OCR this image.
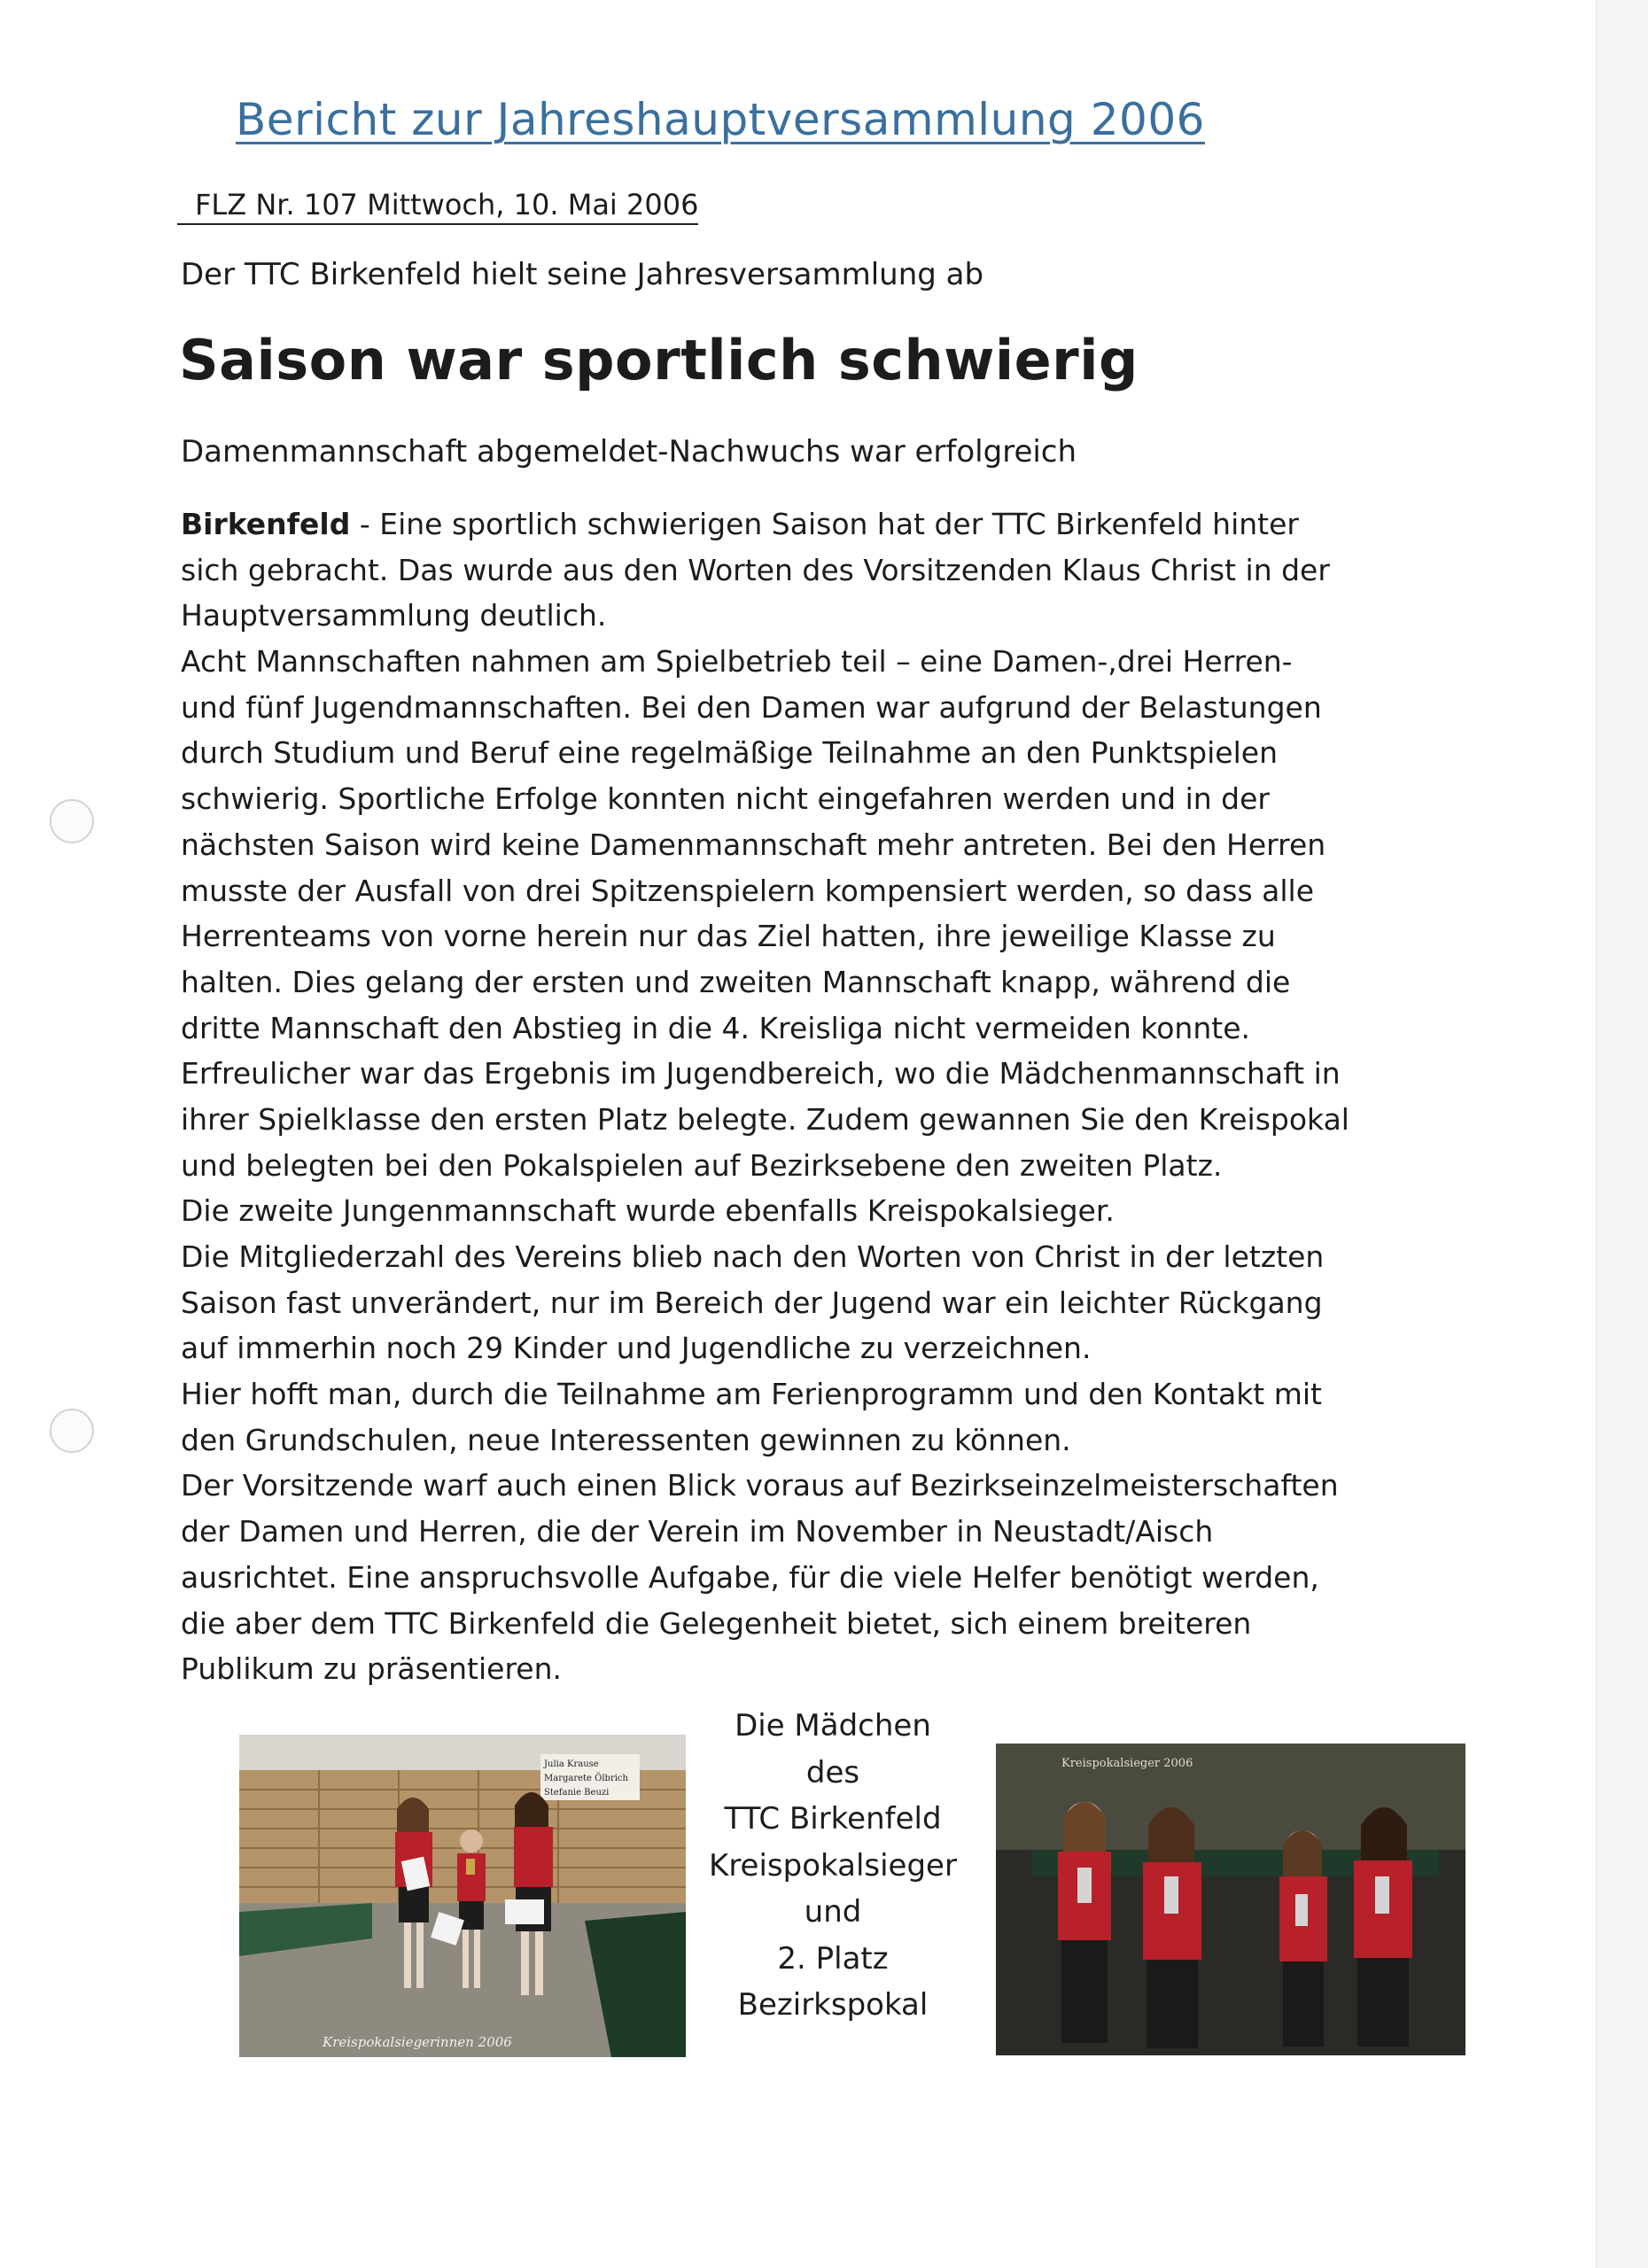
Bericht zur Jahreshauptversammlung 2006
FLZ Nr. 107 Mittwoch, 10. Mai 2006
Der TTC Birkenfeld hielt seine Jahresversammlung ab
Saison war sportlich schwierig
Damenmannschaft abgemeldet-Nachwuchs war erfolgreich
Birkenfeld - Eine sportlich schwierigen Saison hat der TTC Birkenfeld hinter
sich gebracht. Das wurde aus den Worten des Vorsitzenden Klaus Christ in der
Hauptversammlung deutlich.
Acht Mannschaften nahmen am Spielbetrieb teil – eine Damen-,drei Herren-
und fünf Jugendmannschaften. Bei den Damen war aufgrund der Belastungen
durch Studium und Beruf eine regelmäßige Teilnahme an den Punktspielen
schwierig. Sportliche Erfolge konnten nicht eingefahren werden und in der
nächsten Saison wird keine Damenmannschaft mehr antreten. Bei den Herren
musste der Ausfall von drei Spitzenspielern kompensiert werden, so dass alle
Herrenteams von vorne herein nur das Ziel hatten, ihre jeweilige Klasse zu
halten. Dies gelang der ersten und zweiten Mannschaft knapp, während die
dritte Mannschaft den Abstieg in die 4. Kreisliga nicht vermeiden konnte.
Erfreulicher war das Ergebnis im Jugendbereich, wo die Mädchenmannschaft in
ihrer Spielklasse den ersten Platz belegte. Zudem gewannen Sie den Kreispokal
und belegten bei den Pokalspielen auf Bezirksebene den zweiten Platz.
Die zweite Jungenmannschaft wurde ebenfalls Kreispokalsieger.
Die Mitgliederzahl des Vereins blieb nach den Worten von Christ in der letzten
Saison fast unverändert, nur im Bereich der Jugend war ein leichter Rückgang
auf immerhin noch 29 Kinder und Jugendliche zu verzeichnen.
Hier hofft man, durch die Teilnahme am Ferienprogramm und den Kontakt mit
den Grundschulen, neue Interessenten gewinnen zu können.
Der Vorsitzende warf auch einen Blick voraus auf Bezirkseinzelmeisterschaften
der Damen und Herren, die der Verein im November in Neustadt/Aisch
ausrichtet. Eine anspruchsvolle Aufgabe, für die viele Helfer benötigt werden,
die aber dem TTC Birkenfeld die Gelegenheit bietet, sich einem breiteren
Publikum zu präsentieren.
Julia Krause
Margarete Ölbrich
Stefanie Beuzi
Kreispokalsiegerinnen 2006
Die Mädchen
des
TTC Birkenfeld
Kreispokalsieger
und
2. Platz
Bezirkspokal
Kreispokalsieger 2006
